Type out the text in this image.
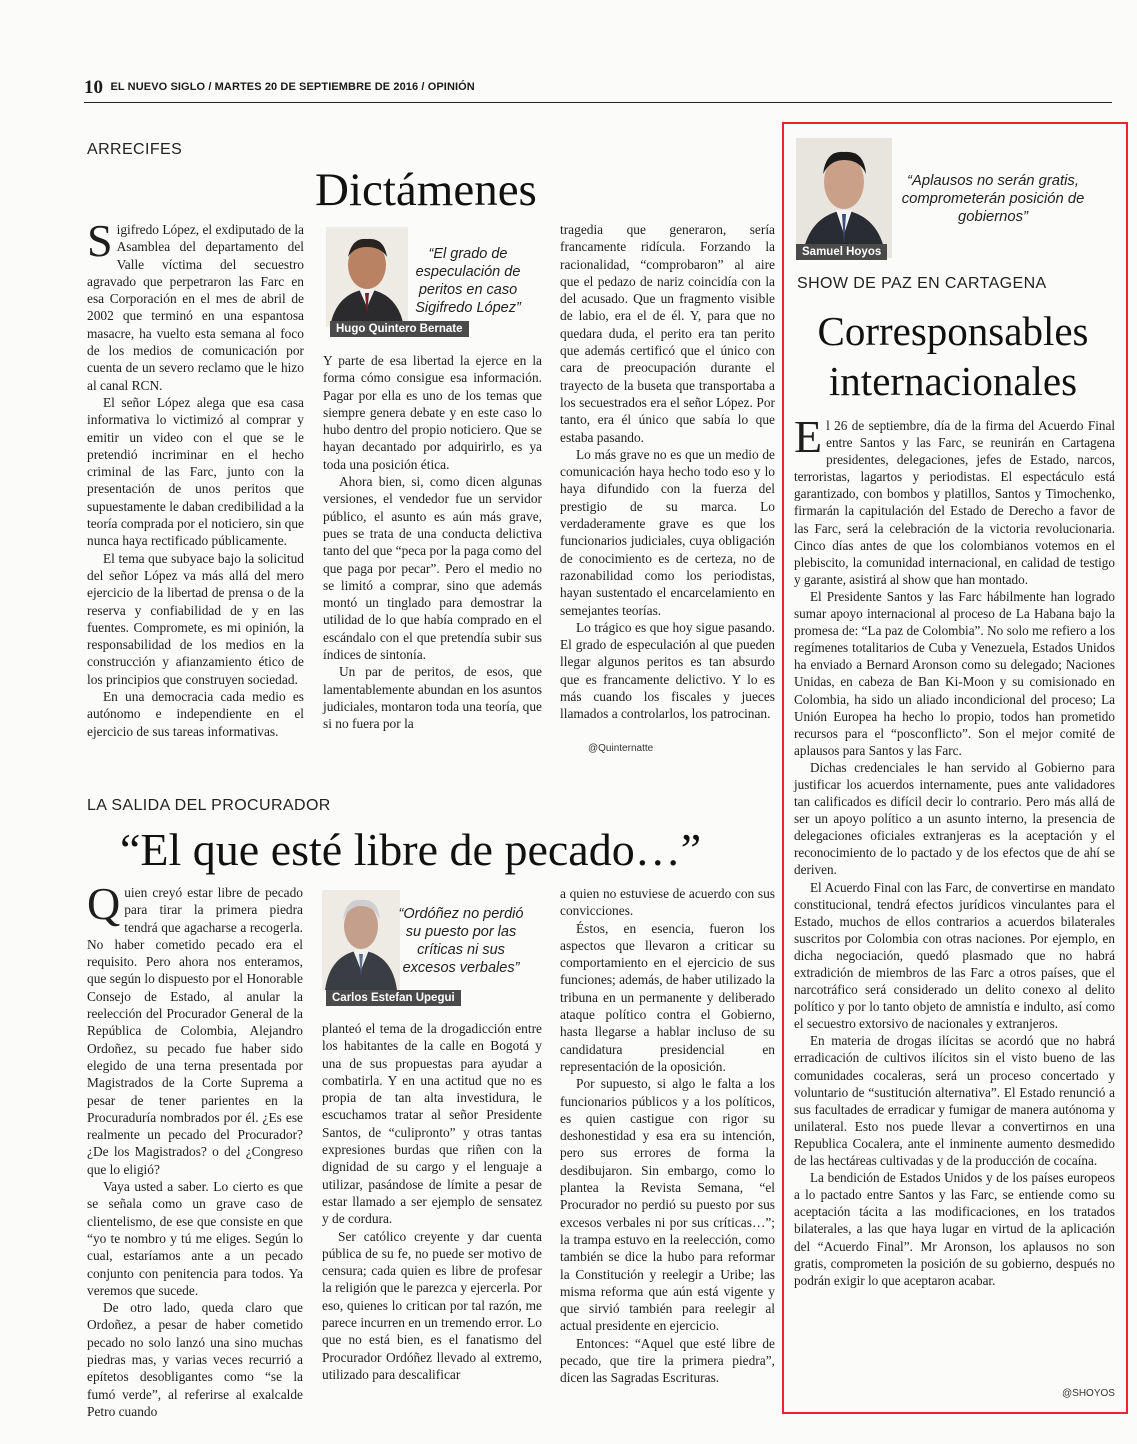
10 EL NUEVO SIGLO / MARTES 20 DE SEPTIEMBRE DE 2016 / OPINIÓN
ARRECIFES
Dictámenes
“El grado de especulación de peritos en caso Sigifredo López”
Hugo Quintero Bernate

Sigifredo López, el exdiputado de la Asamblea del departamento del Valle víctima del secuestro agravado que perpetraron las Farc en esa Corporación en el mes de abril de 2002 que terminó en una espantosa masacre, ha vuelto esta semana al foco de los medios de comunicación por cuenta de un severo reclamo que le hizo al canal RCN.

El señor López alega que esa casa informativa lo victimizó al comprar y emitir un video con el que se le pretendió incriminar en el hecho criminal de las Farc, junto con la presentación de unos peritos que supuestamente le daban credibilidad a la teoría comprada por el noticiero, sin que nunca haya rectificado públicamente.

El tema que subyace bajo la solicitud del señor López va más allá del mero ejercicio de la libertad de prensa o de la reserva y confiabilidad de y en las fuentes. Compromete, es mi opinión, la responsabilidad de los medios en la construcción y afianzamiento ético de los principios que construyen sociedad.

En una democracia cada medio es autónomo e independiente en el ejercicio de sus tareas informativas.

Y parte de esa libertad la ejerce en la forma cómo consigue esa información. Pagar por ella es uno de los temas que siempre genera debate y en este caso lo hubo dentro del propio noticiero. Que se hayan decantado por adquirirlo, es ya toda una posición ética.

Ahora bien, si, como dicen algunas versiones, el vendedor fue un servidor público, el asunto es aún más grave, pues se trata de una conducta delictiva tanto del que “peca por la paga como del que paga por pecar”. Pero el medio no se limitó a comprar, sino que además montó un tinglado para demostrar la utilidad de lo que había comprado en el escándalo con el que pretendía subir sus índices de sintonía.

Un par de peritos, de esos, que lamentablemente abundan en los asuntos judiciales, montaron toda una teoría, que si no fuera por la

tragedia que generaron, sería francamente ridícula. Forzando la racionalidad, “comprobaron” al aire que el pedazo de nariz coincidía con la del acusado. Que un fragmento visible de labio, era el de él. Y, para que no quedara duda, el perito era tan perito que además certificó que el único con cara de preocupación durante el trayecto de la buseta que transportaba a los secuestrados era el señor López. Por tanto, era él único que sabía lo que estaba pasando.

Lo más grave no es que un medio de comunicación haya hecho todo eso y lo haya difundido con la fuerza del prestigio de su marca. Lo verdaderamente grave es que los funcionarios judiciales, cuya obligación de conocimiento es de certeza, no de razonabilidad como los periodistas, hayan sustentado el encarcelamiento en semejantes teorías.

Lo trágico es que hoy sigue pasando. El grado de especulación al que pueden llegar algunos peritos es tan absurdo que es francamente delictivo. Y lo es más cuando los fiscales y jueces llamados a controlarlos, los patrocinan.

@Quinternatte
LA SALIDA DEL PROCURADOR
“El que esté libre de pecado…”
“Ordóñez no perdió su puesto por las críticas ni sus excesos verbales”
Carlos Estefan Upegui

Quien creyó estar libre de pecado para tirar la primera piedra tendrá que agacharse a recogerla. No haber cometido pecado era el requisito. Pero ahora nos enteramos, que según lo dispuesto por el Honorable Consejo de Estado, al anular la reelección del Procurador General de la República de Colombia, Alejandro Ordoñez, su pecado fue haber sido elegido de una terna presentada por Magistrados de la Corte Suprema a pesar de tener parientes en la Procuraduría nombrados por él. ¿Es ese realmente un pecado del Procurador? ¿De los Magistrados? o del ¿Congreso que lo eligió?

Vaya usted a saber. Lo cierto es que se señala como un grave caso de clientelismo, de ese que consiste en que “yo te nombro y tú me eliges. Según lo cual, estaríamos ante a un pecado conjunto con penitencia para todos. Ya veremos que sucede.

De otro lado, queda claro que Ordoñez, a pesar de haber cometido pecado no solo lanzó una sino muchas piedras mas, y varias veces recurrió a epítetos desobligantes como “se la fumó verde”, al referirse al exalcalde Petro cuando

planteó el tema de la drogadicción entre los habitantes de la calle en Bogotá y una de sus propuestas para ayudar a combatirla. Y en una actitud que no es propia de tan alta investidura, le escuchamos tratar al señor Presidente Santos, de “culipronto” y otras tantas expresiones burdas que riñen con la dignidad de su cargo y el lenguaje a utilizar, pasándose de límite a pesar de estar llamado a ser ejemplo de sensatez y de cordura.

Ser católico creyente y dar cuenta pública de su fe, no puede ser motivo de censura; cada quien es libre de profesar la religión que le parezca y ejercerla. Por eso, quienes lo critican por tal razón, me parece incurren en un tremendo error. Lo que no está bien, es el fanatismo del Procurador Ordóñez llevado al extremo, utilizado para descalificar

a quien no estuviese de acuerdo con sus convicciones.

Éstos, en esencia, fueron los aspectos que llevaron a criticar su comportamiento en el ejercicio de sus funciones; además, de haber utilizado la tribuna en un permanente y deliberado ataque político contra el Gobierno, hasta llegarse a hablar incluso de su candidatura presidencial en representación de la oposición.

Por supuesto, si algo le falta a los funcionarios públicos y a los políticos, es quien castigue con rigor su deshonestidad y esa era su intención, pero sus errores de forma la desdibujaron. Sin embargo, como lo plantea la Revista Semana, “el Procurador no perdió su puesto por sus excesos verbales ni por sus críticas…”; la trampa estuvo en la reelección, como también se dice la hubo para reformar la Constitución y reelegir a Uribe; las misma reforma que aún está vigente y que sirvió también para reelegir al actual presidente en ejercicio.

Entonces: “Aquel que esté libre de pecado, que tire la primera piedra”, dicen las Sagradas Escrituras.

“Aplausos no serán gratis, comprometerán posición de gobiernos”
Samuel Hoyos
SHOW DE PAZ EN CARTAGENA
Corresponsables internacionales

El 26 de septiembre, día de la firma del Acuerdo Final entre Santos y las Farc, se reunirán en Cartagena presidentes, delegaciones, jefes de Estado, narcos, terroristas, lagartos y periodistas. El espectáculo está garantizado, con bombos y platillos, Santos y Timochenko, firmarán la capitulación del Estado de Derecho a favor de las Farc, será la celebración de la victoria revolucionaria. Cinco días antes de que los colombianos votemos en el plebiscito, la comunidad internacional, en calidad de testigo y garante, asistirá al show que han montado.

El Presidente Santos y las Farc hábilmente han logrado sumar apoyo internacional al proceso de La Habana bajo la promesa de: “La paz de Colombia”. No solo me refiero a los regímenes totalitarios de Cuba y Venezuela, Estados Unidos ha enviado a Bernard Aronson como su delegado; Naciones Unidas, en cabeza de Ban Ki-Moon y su comisionado en Colombia, ha sido un aliado incondicional del proceso; La Unión Europea ha hecho lo propio, todos han prometido recursos para el “posconflicto”. Son el mejor comité de aplausos para Santos y las Farc.

Dichas credenciales le han servido al Gobierno para justificar los acuerdos internamente, pues ante validadores tan calificados es difícil decir lo contrario. Pero más allá de ser un apoyo político a un asunto interno, la presencia de delegaciones oficiales extranjeras es la aceptación y el reconocimiento de lo pactado y de los efectos que de ahí se deriven.

El Acuerdo Final con las Farc, de convertirse en mandato constitucional, tendrá efectos jurídicos vinculantes para el Estado, muchos de ellos contrarios a acuerdos bilaterales suscritos por Colombia con otras naciones. Por ejemplo, en dicha negociación, quedó plasmado que no habrá extradición de miembros de las Farc a otros países, que el narcotráfico será considerado un delito conexo al delito político y por lo tanto objeto de amnistía e indulto, así como el secuestro extorsivo de nacionales y extranjeros.

En materia de drogas ilícitas se acordó que no habrá erradicación de cultivos ilícitos sin el visto bueno de las comunidades cocaleras, será un proceso concertado y voluntario de “sustitución alternativa”. El Estado renunció a sus facultades de erradicar y fumigar de manera autónoma y unilateral. Esto nos puede llevar a convertirnos en una Republica Cocalera, ante el inminente aumento desmedido de las hectáreas cultivadas y de la producción de cocaína.

La bendición de Estados Unidos y de los países europeos a lo pactado entre Santos y las Farc, se entiende como su aceptación tácita a las modificaciones, en los tratados bilaterales, a las que haya lugar en virtud de la aplicación del “Acuerdo Final”. Mr Aronson, los aplausos no son gratis, comprometen la posición de su gobierno, después no podrán exigir lo que aceptaron acabar.

@SHOYOS
